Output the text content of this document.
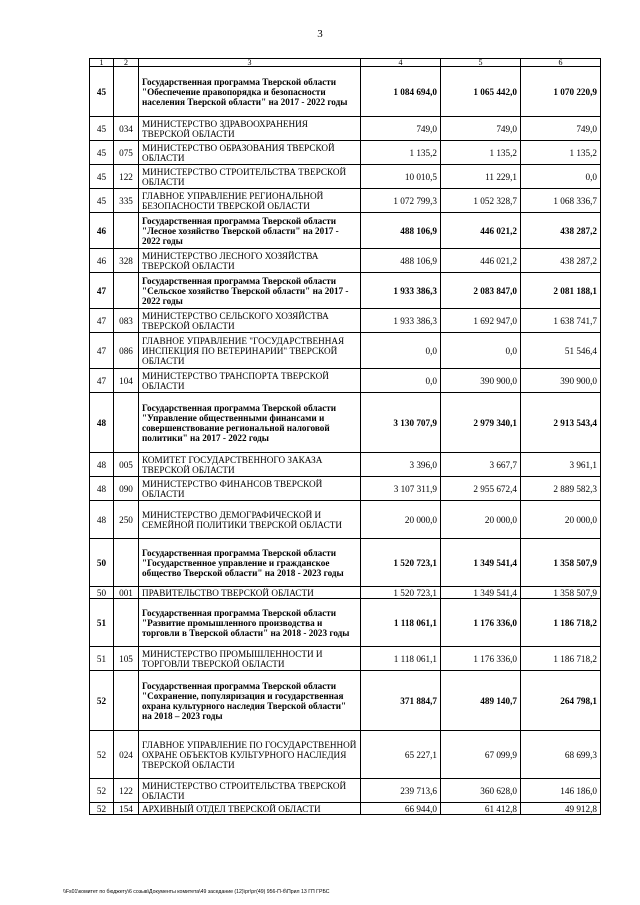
3
1	2	3	4	5	6
45		Государственная программа Тверской области "Обеспечение правопорядка и безопасности населения Тверской области" на 2017 - 2022 годы	1 084 694,0	1 065 442,0	1 070 220,9
45	034	МИНИСТЕРСТВО ЗДРАВООХРАНЕНИЯ ТВЕРСКОЙ ОБЛАСТИ	749,0	749,0	749,0
45	075	МИНИСТЕРСТВО ОБРАЗОВАНИЯ ТВЕРСКОЙ ОБЛАСТИ	1 135,2	1 135,2	1 135,2
45	122	МИНИСТЕРСТВО СТРОИТЕЛЬСТВА ТВЕРСКОЙ ОБЛАСТИ	10 010,5	11 229,1	0,0
45	335	ГЛАВНОЕ УПРАВЛЕНИЕ РЕГИОНАЛЬНОЙ БЕЗОПАСНОСТИ ТВЕРСКОЙ ОБЛАСТИ	1 072 799,3	1 052 328,7	1 068 336,7
46		Государственная программа Тверской области "Лесное хозяйство Тверской области" на 2017 - 2022 годы	488 106,9	446 021,2	438 287,2
46	328	МИНИСТЕРСТВО ЛЕСНОГО ХОЗЯЙСТВА ТВЕРСКОЙ ОБЛАСТИ	488 106,9	446 021,2	438 287,2
47		Государственная программа Тверской области "Сельское хозяйство Тверской области" на 2017 - 2022 годы	1 933 386,3	2 083 847,0	2 081 188,1
47	083	МИНИСТЕРСТВО СЕЛЬСКОГО ХОЗЯЙСТВА ТВЕРСКОЙ ОБЛАСТИ	1 933 386,3	1 692 947,0	1 638 741,7
47	086	ГЛАВНОЕ УПРАВЛЕНИЕ "ГОСУДАРСТВЕННАЯ ИНСПЕКЦИЯ ПО ВЕТЕРИНАРИИ" ТВЕРСКОЙ ОБЛАСТИ	0,0	0,0	51 546,4
47	104	МИНИСТЕРСТВО ТРАНСПОРТА ТВЕРСКОЙ ОБЛАСТИ	0,0	390 900,0	390 900,0
48		Государственная программа Тверской области "Управление общественными финансами и совершенствование региональной налоговой политики" на 2017 - 2022 годы	3 130 707,9	2 979 340,1	2 913 543,4
48	005	КОМИТЕТ ГОСУДАРСТВЕННОГО ЗАКАЗА ТВЕРСКОЙ ОБЛАСТИ	3 396,0	3 667,7	3 961,1
48	090	МИНИСТЕРСТВО ФИНАНСОВ ТВЕРСКОЙ ОБЛАСТИ	3 107 311,9	2 955 672,4	2 889 582,3
48	250	МИНИСТЕРСТВО ДЕМОГРАФИЧЕСКОЙ И СЕМЕЙНОЙ ПОЛИТИКИ ТВЕРСКОЙ ОБЛАСТИ	20 000,0	20 000,0	20 000,0
50		Государственная программа Тверской области "Государственное управление и гражданское общество Тверской области" на 2018 - 2023 годы	1 520 723,1	1 349 541,4	1 358 507,9
50	001	ПРАВИТЕЛЬСТВО ТВЕРСКОЙ ОБЛАСТИ	1 520 723,1	1 349 541,4	1 358 507,9
51		Государственная программа Тверской области "Развитие промышленного производства и торговли в Тверской области" на 2018 - 2023 годы	1 118 061,1	1 176 336,0	1 186 718,2
51	105	МИНИСТЕРСТВО ПРОМЫШЛЕННОСТИ И ТОРГОВЛИ ТВЕРСКОЙ ОБЛАСТИ	1 118 061,1	1 176 336,0	1 186 718,2
52		Государственная программа Тверской области "Сохранение, популяризация и государственная охрана культурного наследия Тверской области" на 2018 – 2023 годы	371 884,7	489 140,7	264 798,1
52	024	ГЛАВНОЕ УПРАВЛЕНИЕ ПО ГОСУДАРСТВЕННОЙ ОХРАНЕ ОБЪЕКТОВ КУЛЬТУРНОГО НАСЛЕДИЯ ТВЕРСКОЙ ОБЛАСТИ	65 227,1	67 099,9	68 699,3
52	122	МИНИСТЕРСТВО СТРОИТЕЛЬСТВА ТВЕРСКОЙ ОБЛАСТИ	239 713,6	360 628,0	146 186,0
52	154	АРХИВНЫЙ ОТДЕЛ ТВЕРСКОЙ ОБЛАСТИ	66 944,0	61 412,8	49 912,8
\\Fs01\комитет по бюджету\6 созыв\Документы комитета\49 заседание (12)\рг\рг(49) 956-П-б\Прил 13 ГП ГРБС
